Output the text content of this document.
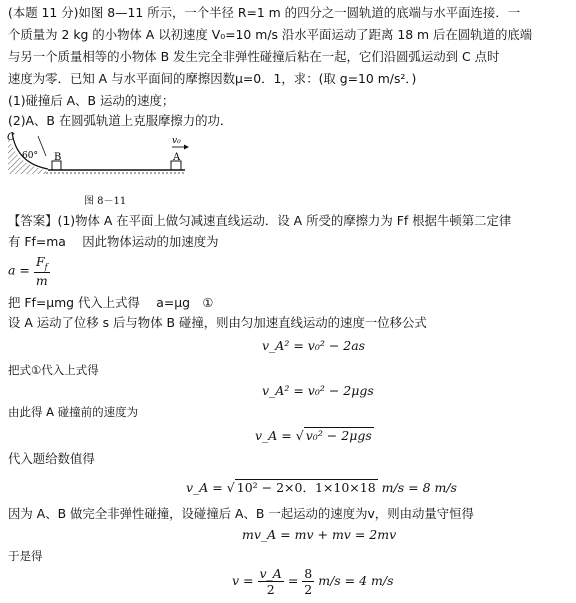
(本题 11 分)如图 8—11 所示，一个半径 R=1 m 的四分之一圆轨道的底端与水平面连接．一
个质量为 2 kg 的小物体 A 以初速度 V₀=10 m/s 沿水平面运动了距离 18 m 后在圆轨道的底端
与另一个质量相等的小物体 B 发生完全非弹性碰撞后粘在一起，它们沿圆弧运动到 C 点时
速度为零．已知 A 与水平面间的摩擦因数μ=0．1，求：(取 g=10 m/s²．)
(1)碰撞后 A、B 运动的速度；
(2)A、B 在圆弧轨道上克服摩擦力的功．
C
60° B	A
v₀
图 8－11
【答案】(1)物体 A 在平面上做匀减速直线运动．设 A 所受的摩擦力为 Ff 根据牛顿第二定律
有 Ff=ma　 因此物体运动的加速度为
$a = \frac{F_f}{m}$
把 Ff=μmg 代入上式得　 a=μg　①
设 A 运动了位移 s 后与物体 B 碰撞，则由匀加速直线运动的速度一位移公式
v_A² = v₀² − 2as
把式①代入上式得
v_A² = v₀² − 2μgs
由此得 A 碰撞前的速度为
v_A = √ v₀² − 2μgs
代入题给数值得
v_A = √ 10² − 2×0．1×10×18 m/s = 8 m/s
因为 A、B 做完全非弹性碰撞，设碰撞后 A、B 一起运动的速度为v，则由动量守恒得
mv_A = mv + mv = 2mv
于是得
$v = \frac{v\_A}{2} = \frac{8}{2} m/s = 4$ m/s
